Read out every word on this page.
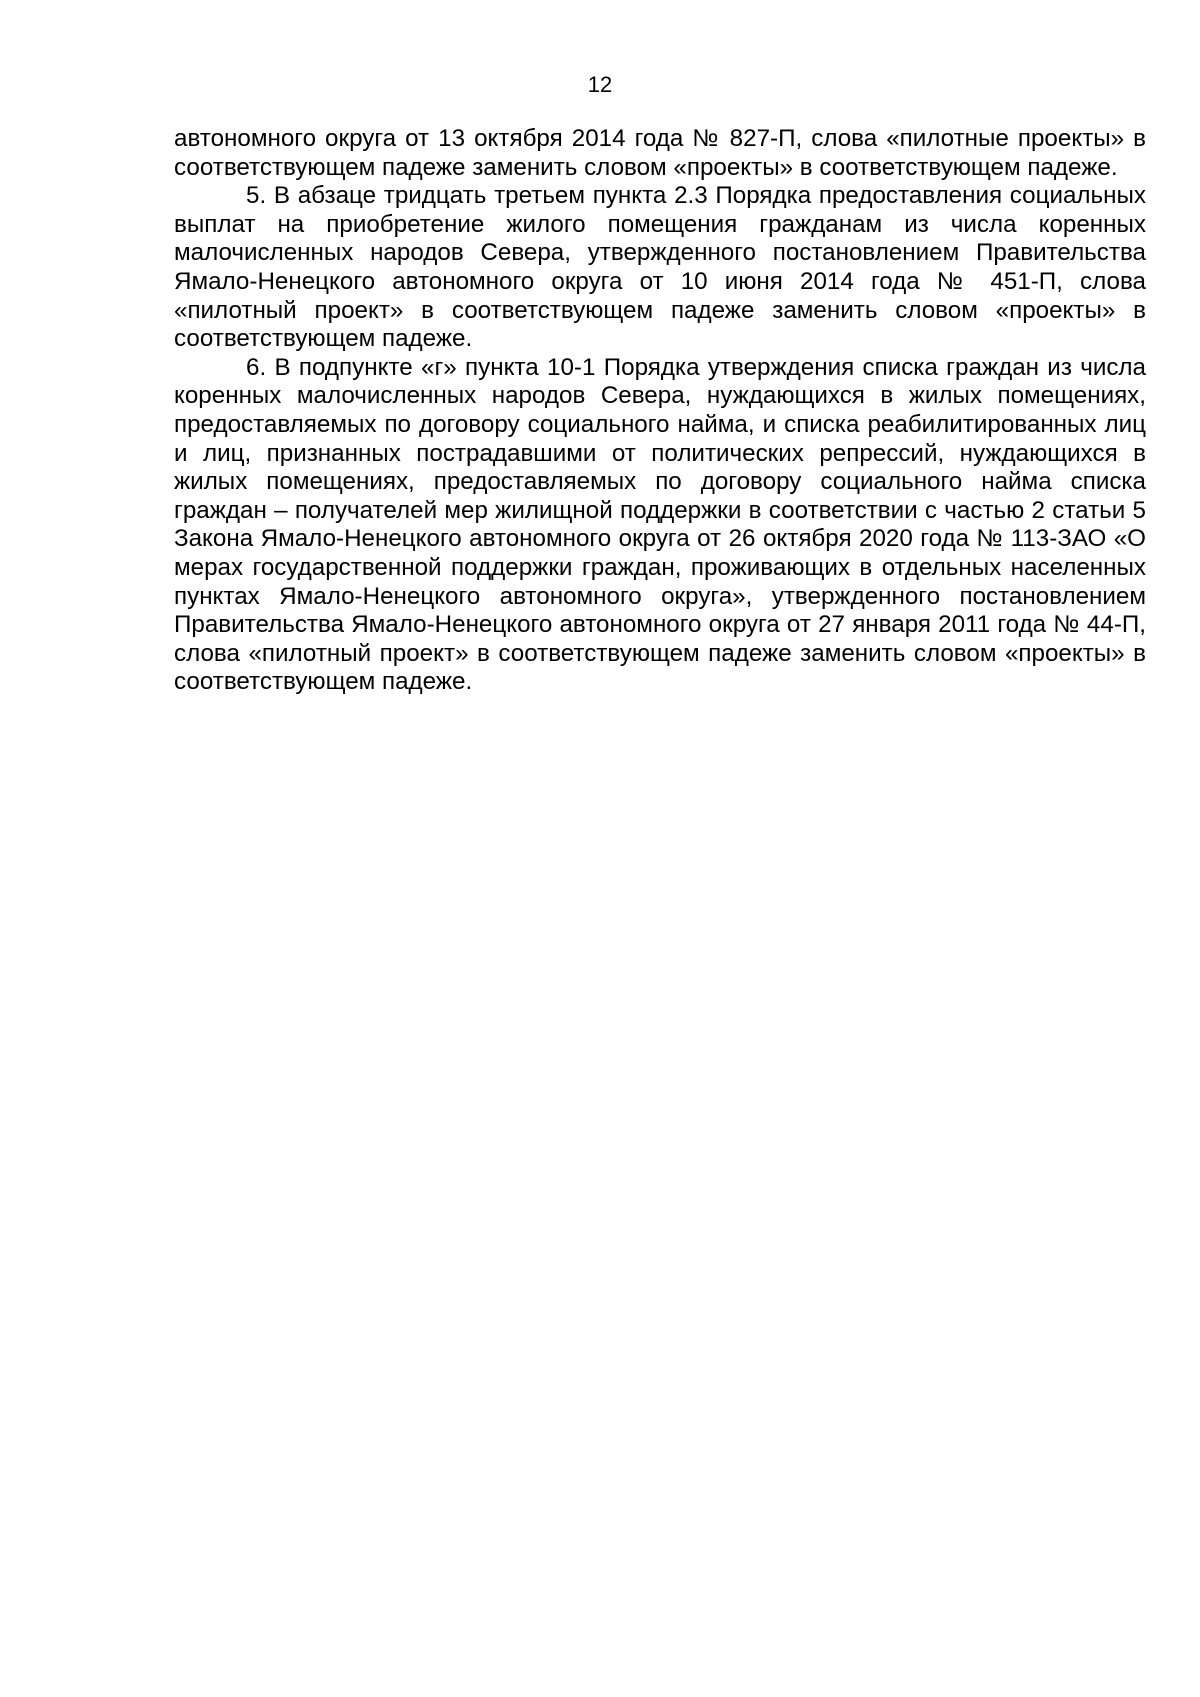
12

автономного округа от 13 октября 2014 года № 827-П, слова «пилотные проекты» в соответствующем падеже заменить словом «проекты» в соответствующем падеже.

5. В абзаце тридцать третьем пункта 2.3 Порядка предоставления социальных выплат на приобретение жилого помещения гражданам из числа коренных малочисленных народов Севера, утвержденного постановлением Правительства Ямало-Ненецкого автономного округа от 10 июня 2014 года № 451-П, слова «пилотный проект» в соответствующем падеже заменить словом «проекты» в соответствующем падеже.

6. В подпункте «г» пункта 10-1 Порядка утверждения списка граждан из числа коренных малочисленных народов Севера, нуждающихся в жилых помещениях, предоставляемых по договору социального найма, и списка реабилитированных лиц и лиц, признанных пострадавшими от политических репрессий, нуждающихся в жилых помещениях, предоставляемых по договору социального найма списка граждан – получателей мер жилищной поддержки в соответствии с частью 2 статьи 5 Закона Ямало-Ненецкого автономного округа от 26 октября 2020 года № 113-ЗАО «О мерах государственной поддержки граждан, проживающих в отдельных населенных пунктах Ямало-Ненецкого автономного округа», утвержденного постановлением Правительства Ямало-Ненецкого автономного округа от 27 января 2011 года № 44-П, слова «пилотный проект» в соответствующем падеже заменить словом «проекты» в соответствующем падеже.
